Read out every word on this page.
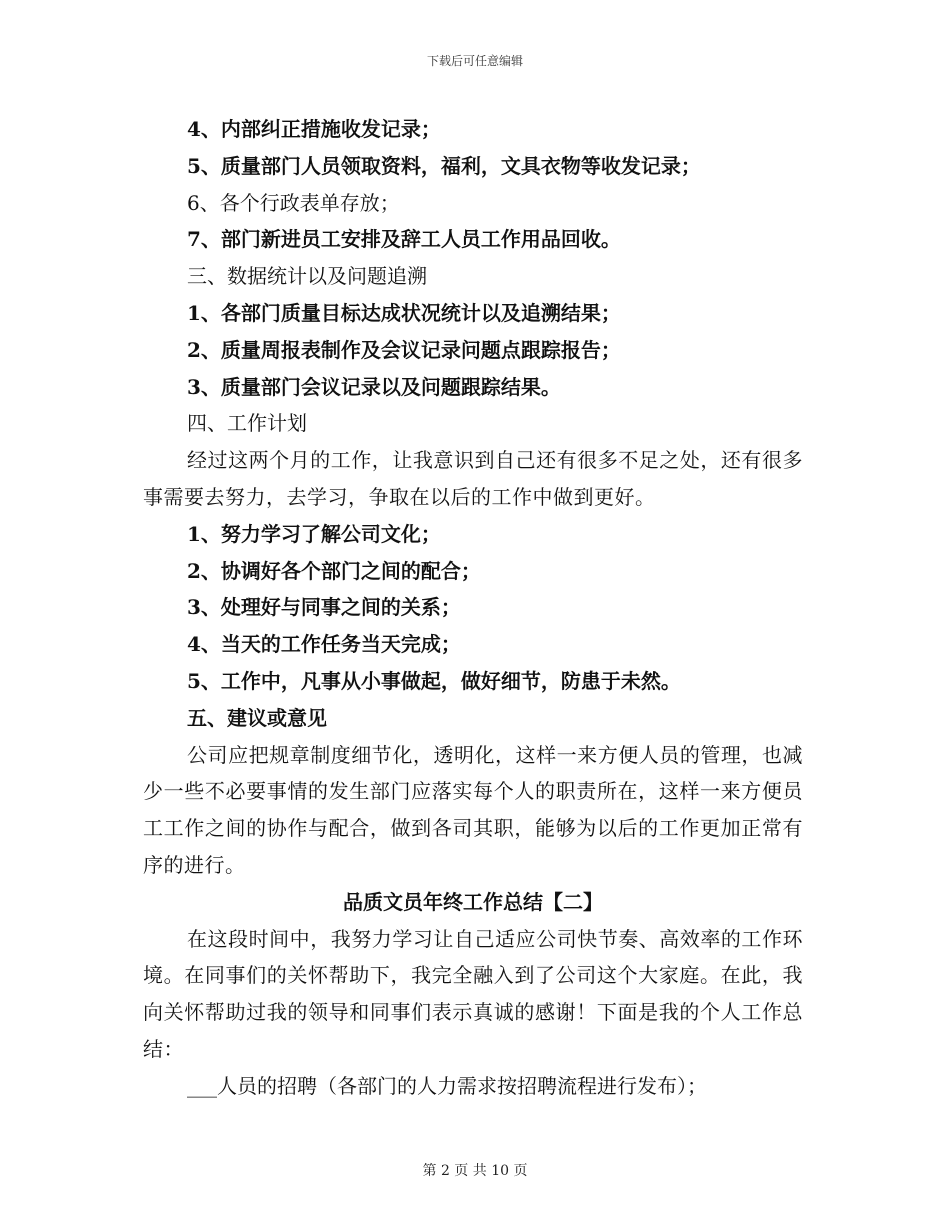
下载后可任意编辑
4、内部纠正措施收发记录；
5、质量部门人员领取资料，福利，文具衣物等收发记录；
6、各个行政表单存放；
7、部门新进员工安排及辞工人员工作用品回收。
三、数据统计以及问题追溯
1、各部门质量目标达成状况统计以及追溯结果；
2、质量周报表制作及会议记录问题点跟踪报告；
3、质量部门会议记录以及问题跟踪结果。
四、工作计划
经过这两个月的工作，让我意识到自己还有很多不足之处，还有很多事需要去努力，去学习，争取在以后的工作中做到更好。
1、努力学习了解公司文化；
2、协调好各个部门之间的配合；
3、处理好与同事之间的关系；
4、当天的工作任务当天完成；
5、工作中，凡事从小事做起，做好细节，防患于未然。
五、建议或意见
公司应把规章制度细节化，透明化，这样一来方便人员的管理，也减少一些不必要事情的发生部门应落实每个人的职责所在，这样一来方便员工工作之间的协作与配合，做到各司其职，能够为以后的工作更加正常有序的进行。
品质文员年终工作总结【二】
在这段时间中，我努力学习让自己适应公司快节奏、高效率的工作环境。在同事们的关怀帮助下，我完全融入到了公司这个大家庭。在此，我向关怀帮助过我的领导和同事们表示真诚的感谢！下面是我的个人工作总结：
___人员的招聘（各部门的人力需求按招聘流程进行发布）；
第 2 页 共 10 页
